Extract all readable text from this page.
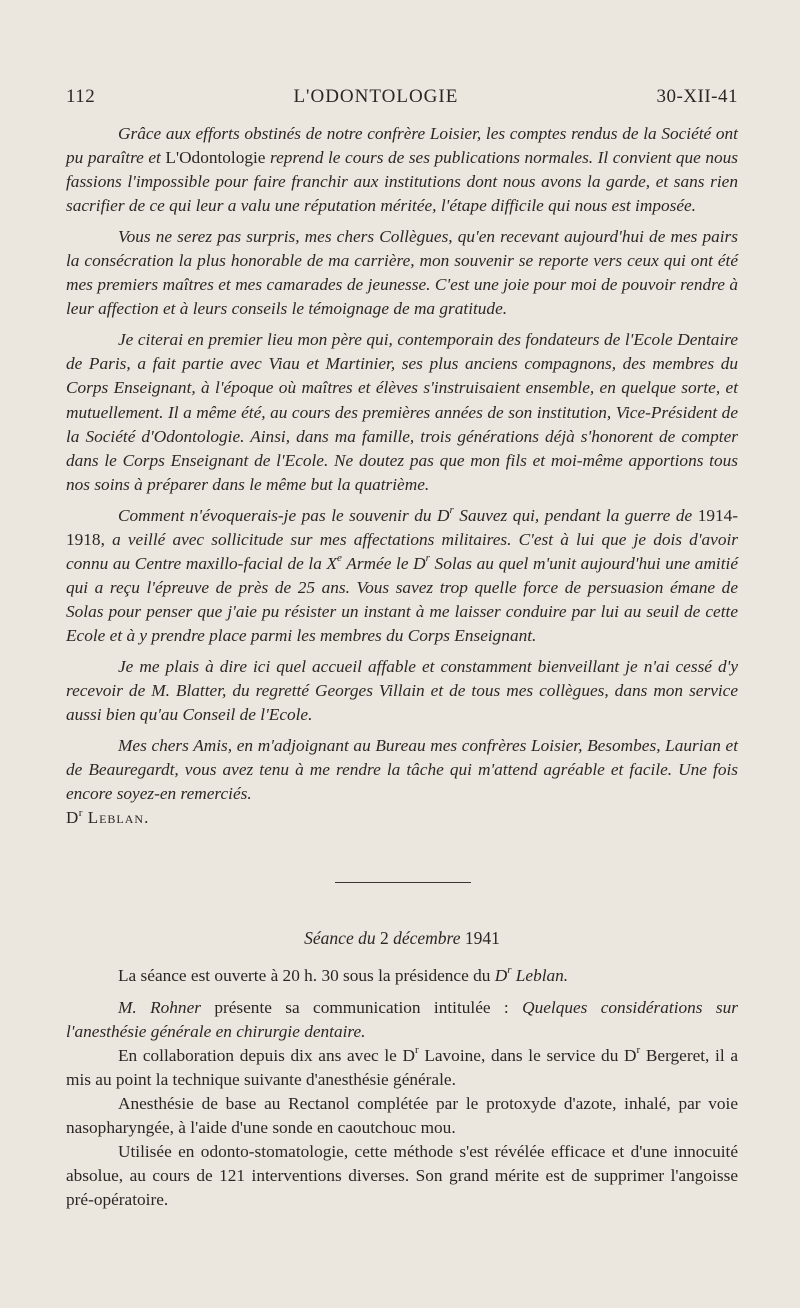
112	L'ODONTOLOGIE	30-XII-41

Grâce aux efforts obstinés de notre confrère Loisier, les comptes rendus de la Société ont pu paraître et L'Odontologie reprend le cours de ses publications normales. Il convient que nous fassions l'impossible pour faire franchir aux institutions dont nous avons la garde, et sans rien sacrifier de ce qui leur a valu une réputation méritée, l'étape difficile qui nous est imposée.

Vous ne serez pas surpris, mes chers Collègues, qu'en recevant aujourd'hui de mes pairs la consécration la plus honorable de ma carrière, mon souvenir se reporte vers ceux qui ont été mes premiers maîtres et mes camarades de jeunesse. C'est une joie pour moi de pouvoir rendre à leur affection et à leurs conseils le témoignage de ma gratitude.

Je citerai en premier lieu mon père qui, contemporain des fondateurs de l'Ecole Dentaire de Paris, a fait partie avec Viau et Martinier, ses plus anciens compagnons, des membres du Corps Enseignant, à l'époque où maîtres et élèves s'instruisaient ensemble, en quelque sorte, et mutuellement. Il a même été, au cours des premières années de son institution, Vice-Président de la Société d'Odontologie. Ainsi, dans ma famille, trois générations déjà s'honorent de compter dans le Corps Enseignant de l'Ecole. Ne doutez pas que mon fils et moi-même apportions tous nos soins à préparer dans le même but la quatrième.

Comment n'évoquerais-je pas le souvenir du $D^r$ Sauvez qui, pendant la guerre de 1914-1918, a veillé avec sollicitude sur mes affectations militaires. C'est à lui que je dois d'avoir connu au Centre maxillo-facial de la Xe Armée le $D^r$ Solas au quel m'unit aujourd'hui une amitié qui a reçu l'épreuve de près de 25 ans. Vous savez trop quelle force de persuasion émane de Solas pour penser que j'aie pu résister un instant à me laisser conduire par lui au seuil de cette Ecole et à y prendre place parmi les membres du Corps Enseignant.

Je me plais à dire ici quel accueil affable et constamment bienveillant je n'ai cessé d'y recevoir de M. Blatter, du regretté Georges Villain et de tous mes collègues, dans mon service aussi bien qu'au Conseil de l'Ecole.

Mes chers Amis, en m'adjoignant au Bureau mes confrères Loisier, Besombes, Laurian et de Beauregardt, vous avez tenu à me rendre la tâche qui m'attend agréable et facile. Une fois encore soyez-en remerciés.

$D^r$ Leblan.

Séance du 2 décembre 1941

La séance est ouverte à 20 h. 30 sous la présidence du $D^r$ Leblan.

M. Rohner présente sa communication intitulée : Quelques considérations sur l'anesthésie générale en chirurgie dentaire.

En collaboration depuis dix ans avec le $D^r$ Lavoine, dans le service du $D^r$ Bergeret, il a mis au point la technique suivante d'anesthésie générale.

Anesthésie de base au Rectanol complétée par le protoxyde d'azote, inhalé, par voie nasopharyngée, à l'aide d'une sonde en caoutchouc mou.

Utilisée en odonto-stomatologie, cette méthode s'est révélée efficace et d'une innocuité absolue, au cours de 121 interventions diverses. Son grand mérite est de supprimer l'angoisse pré-opératoire.
